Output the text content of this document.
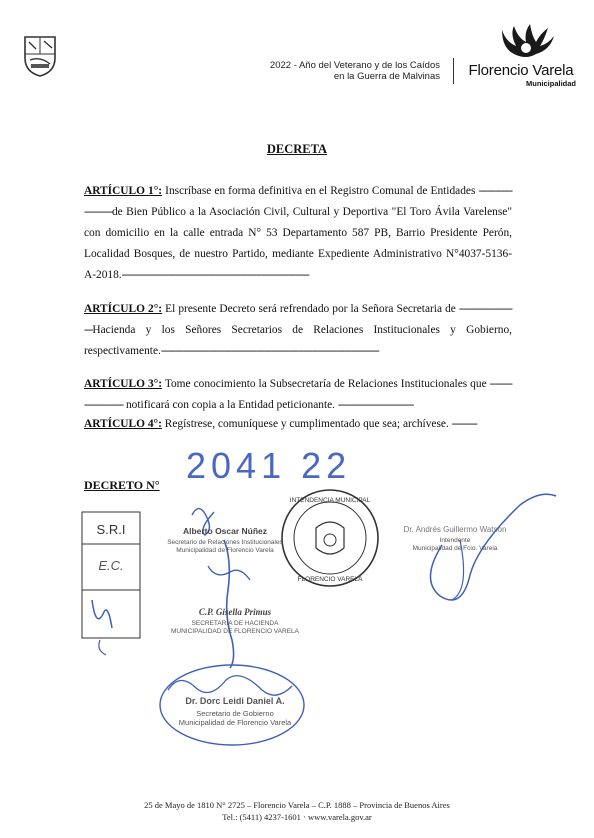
2022 - Año del Veterano y de los Caídos
en la Guerra de Malvinas Florencio Varela
Municipalidad
DECRETA
ARTÍCULO 1°: Inscríbase en forma definitiva en el Registro Comunal de Entidades ----------------------de Bien Público a la Asociación Civil, Cultural y Deportiva "El Toro Ávila Varelense" con domicilio en la calle entrada N° 53 Departamento 587 PB, Barrio Presidente Perón, Localidad Bosques, de nuestro Partido, mediante Expediente Administrativo N°4037-5136-A-2018.-------------------------------------------------------------------
ARTÍCULO 2°: El presente Decreto será refrendado por la Señora Secretaria de ----------------------Hacienda y los Señores Secretarios de Relaciones Institucionales y Gobierno, respectivamente.------------------------------------------------------------------------------
ARTÍCULO 3°: Tome conocimiento la Subsecretaría de Relaciones Institucionales que ---------------------- notificará con copia a la Entidad peticionante. ---------------------------
ARTÍCULO 4°: Regístrese, comuníquese y cumplimentado que sea; archívese. ---------
2041 22
DECRETO N°
S.R.I
E.C.
INTENDENCIA MUNICIPAL
FLORENCIO VARELA
Alberto Oscar Núñez
Secretario de Relaciones Institucionales
Municipalidad de Florencio Varela
Dr. Andrés Guillermo Watson
Intendente
Municipalidad de Fcio. Varela
C.P. Gisella Primus
SECRETARIA DE HACIENDA
MUNICIPALIDAD DE FLORENCIO VARELA
Dr. Dorc Leidi Daniel A.
Secretario de Gobierno
Municipalidad de Florencio Varela
25 de Mayo de 1810 N° 2725 – Florencio Varela – C.P. 1888 – Provincia de Buenos Aires
Tel.: (5411) 4237-1601 · www.varela.gov.ar
